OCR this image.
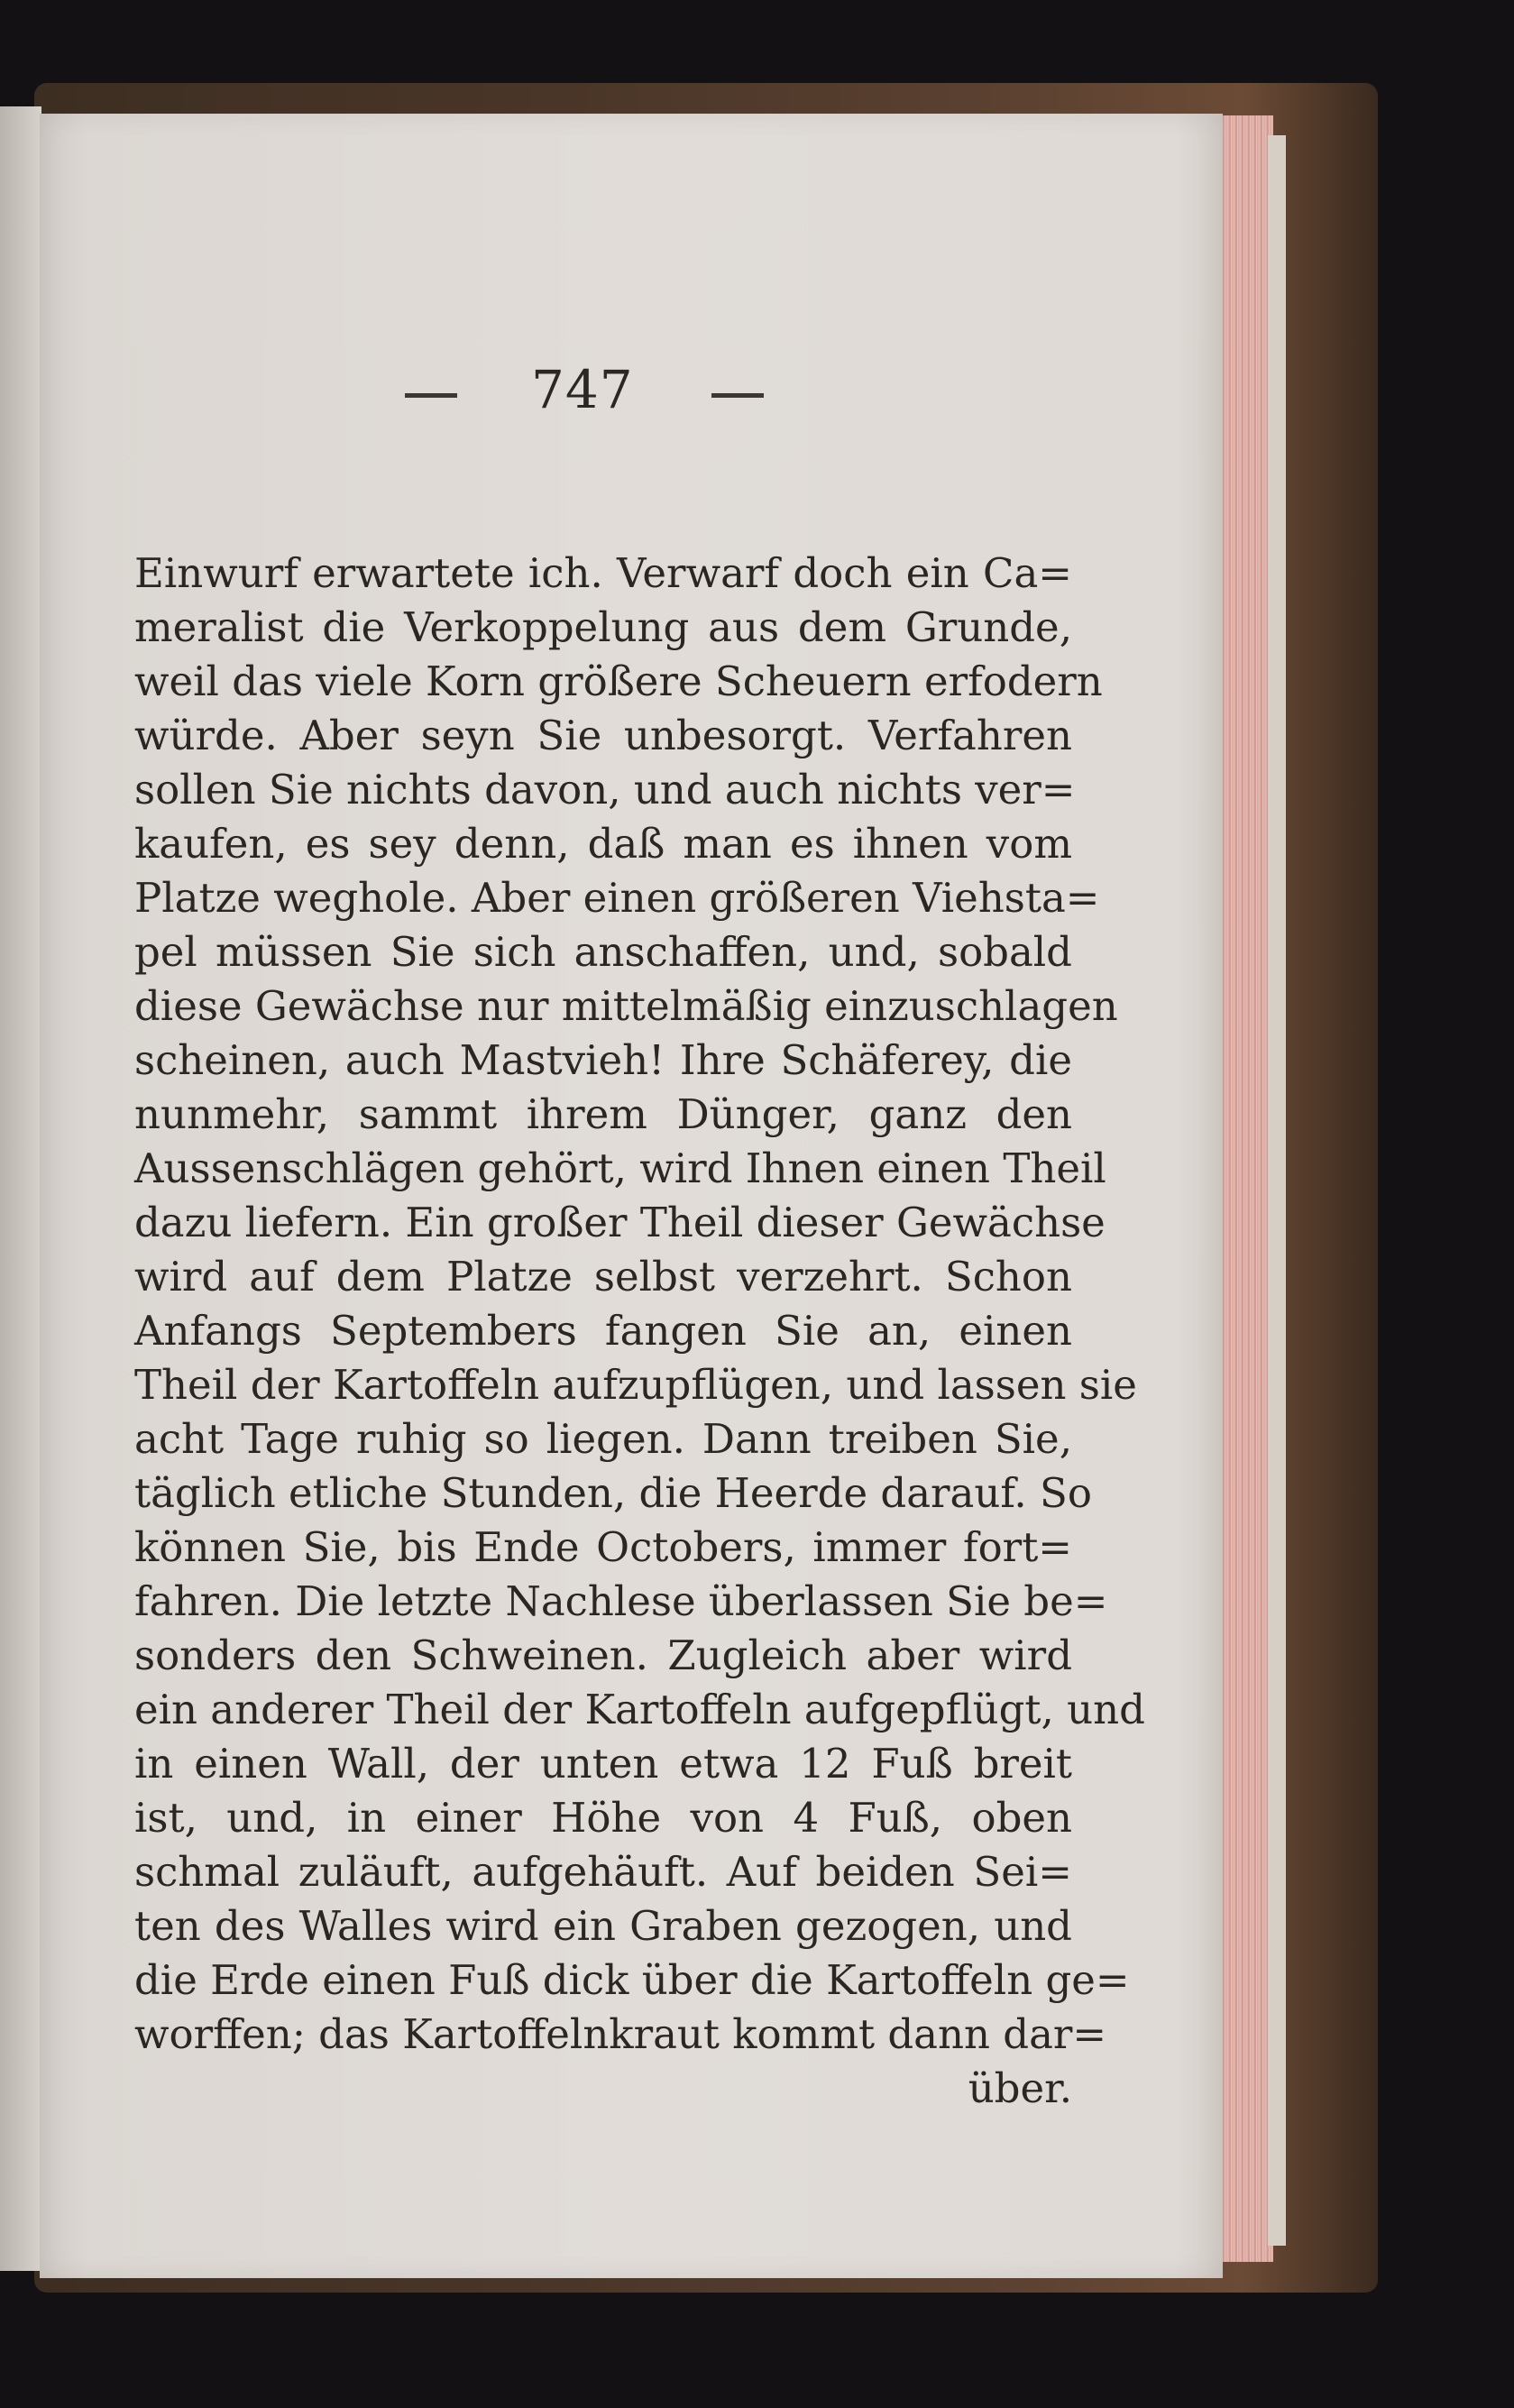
747
Einwurf erwartete ich. Verwarf doch ein Ca=
meralist die Verkoppelung aus dem Grunde,
weil das viele Korn größere Scheuern erfodern
würde. Aber seyn Sie unbesorgt. Verfahren
sollen Sie nichts davon, und auch nichts ver=
kaufen, es sey denn, daß man es ihnen vom
Platze weghole. Aber einen größeren Viehsta=
pel müssen Sie sich anschaffen, und, sobald
diese Gewächse nur mittelmäßig einzuschlagen
scheinen, auch Mastvieh! Ihre Schäferey, die
nunmehr, sammt ihrem Dünger, ganz den
Aussenschlägen gehört, wird Ihnen einen Theil
dazu liefern. Ein großer Theil dieser Gewächse
wird auf dem Platze selbst verzehrt. Schon
Anfangs Septembers fangen Sie an, einen
Theil der Kartoffeln aufzupflügen, und lassen sie
acht Tage ruhig so liegen. Dann treiben Sie,
täglich etliche Stunden, die Heerde darauf. So
können Sie, bis Ende Octobers, immer fort=
fahren. Die letzte Nachlese überlassen Sie be=
sonders den Schweinen. Zugleich aber wird
ein anderer Theil der Kartoffeln aufgepflügt, und
in einen Wall, der unten etwa 12 Fuß breit
ist, und, in einer Höhe von 4 Fuß, oben
schmal zuläuft, aufgehäuft. Auf beiden Sei=
ten des Walles wird ein Graben gezogen, und
die Erde einen Fuß dick über die Kartoffeln ge=
worffen; das Kartoffelnkraut kommt dann dar=
über.
